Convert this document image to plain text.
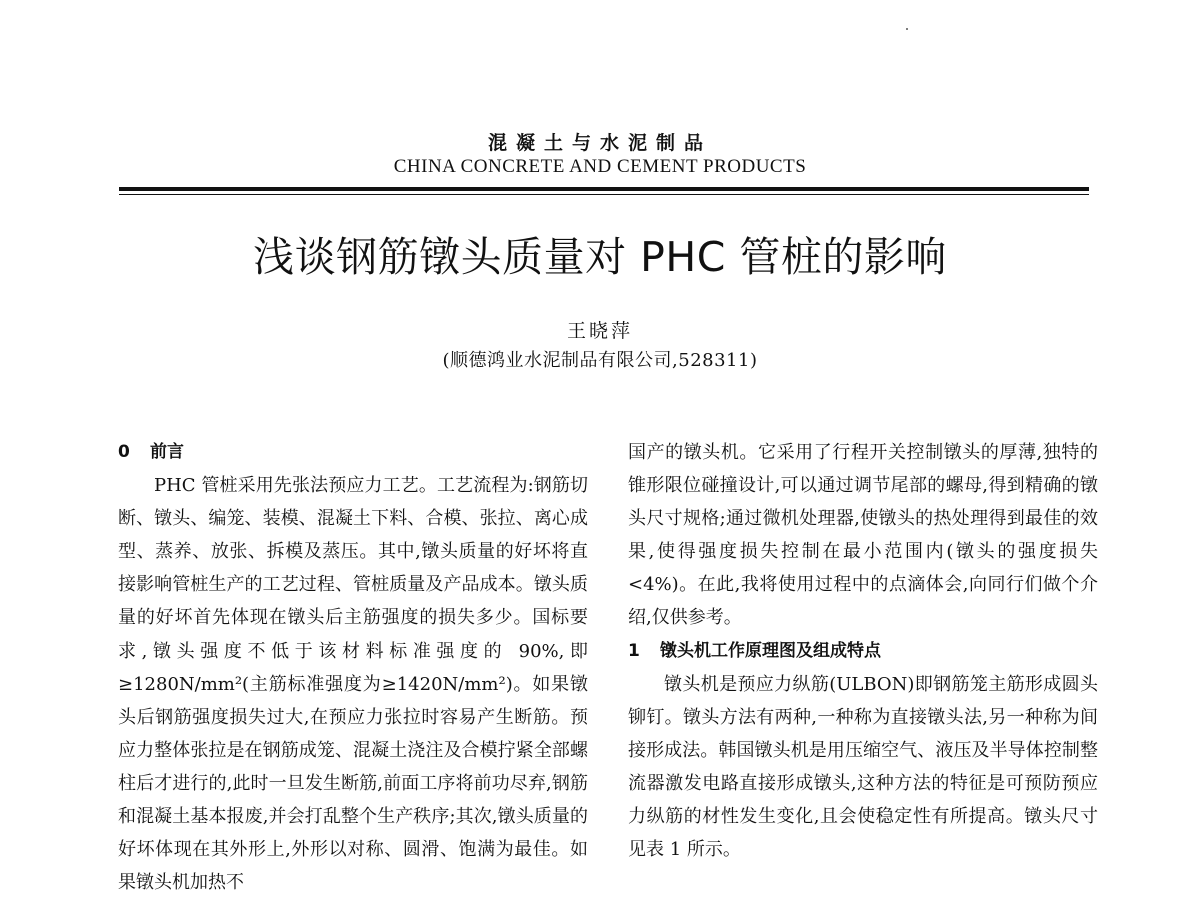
混凝土与水泥制品
CHINA CONCRETE AND CEMENT PRODUCTS
浅谈钢筋镦头质量对 PHC 管桩的影响
王晓萍
(顺德鸿业水泥制品有限公司,528311)
0 前言

PHC 管桩采用先张法预应力工艺。工艺流程为:钢筋切断、镦头、编笼、装模、混凝土下料、合模、张拉、离心成型、蒸养、放张、拆模及蒸压。其中,镦头质量的好坏将直接影响管桩生产的工艺过程、管桩质量及产品成本。镦头质量的好坏首先体现在镦头后主筋强度的损失多少。国标要求,镦头强度不低于该材料标准强度的 90%,即≥1280N/mm²(主筋标准强度为≥1420N/mm²)。如果镦头后钢筋强度损失过大,在预应力张拉时容易产生断筋。预应力整体张拉是在钢筋成笼、混凝土浇注及合模拧紧全部螺柱后才进行的,此时一旦发生断筋,前面工序将前功尽弃,钢筋和混凝土基本报废,并会打乱整个生产秩序;其次,镦头质量的好坏体现在其外形上,外形以对称、圆滑、饱满为最佳。如果镦头机加热不

国产的镦头机。它采用了行程开关控制镦头的厚薄,独特的锥形限位碰撞设计,可以通过调节尾部的螺母,得到精确的镦头尺寸规格;通过微机处理器,使镦头的热处理得到最佳的效果,使得强度损失控制在最小范围内(镦头的强度损失<4%)。在此,我将使用过程中的点滴体会,向同行们做个介绍,仅供参考。

1 镦头机工作原理图及组成特点

镦头机是预应力纵筋(ULBON)即钢筋笼主筋形成圆头铆钉。镦头方法有两种,一种称为直接镦头法,另一种称为间接形成法。韩国镦头机是用压缩空气、液压及半导体控制整流器激发电路直接形成镦头,这种方法的特征是可预防预应力纵筋的材性发生变化,且会使稳定性有所提高。镦头尺寸见表 1 所示。
